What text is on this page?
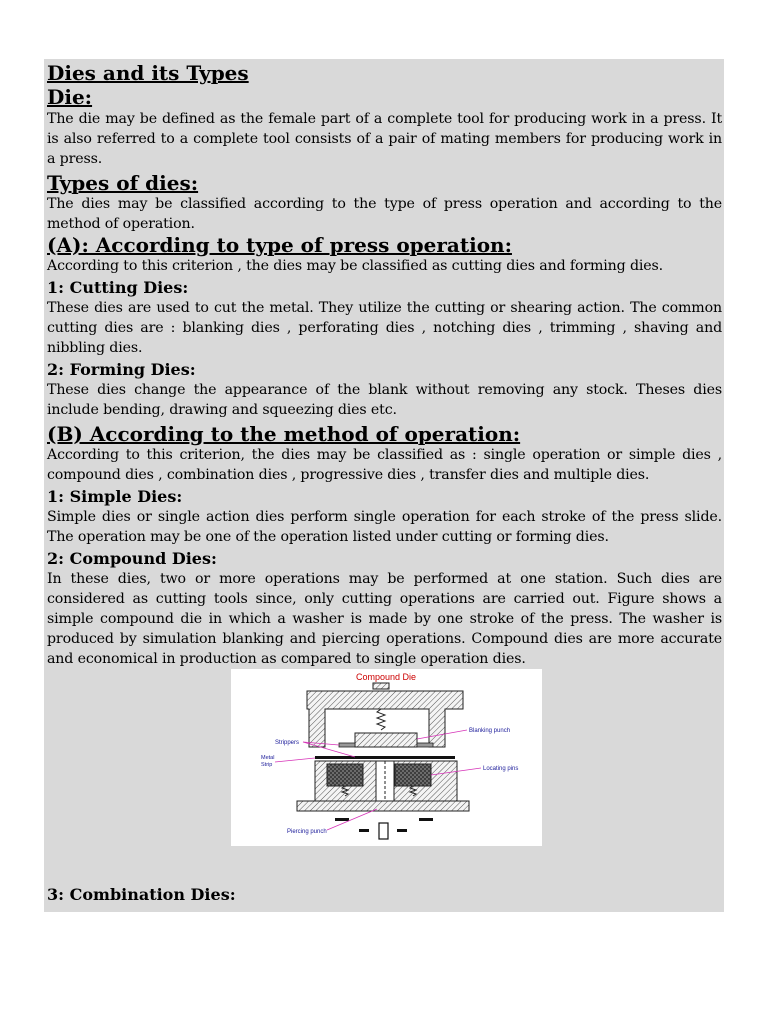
Dies and its Types
Die:

The die may be defined as the female part of a complete tool for producing work in a press. It is also referred to a complete tool consists of a pair of mating members for producing work in a press.

Types of dies:

The dies may be classified according to the type of press operation and according to the method of operation.

(A): According to type of press operation:

According to this criterion , the dies may be classified as cutting dies and forming dies.

1: Cutting Dies:

These dies are used to cut the metal. They utilize the cutting or shearing action. The common cutting dies are : blanking dies , perforating dies , notching dies , trimming , shaving and nibbling dies.

2: Forming Dies:

These dies change the appearance of the blank without removing any stock. Theses dies include bending, drawing and squeezing dies etc.

(B) According to the method of operation:

According to this criterion, the dies may be classified as : single operation or simple dies , compound dies , combination dies , progressive dies , transfer dies and multiple dies.

1: Simple Dies:

Simple dies or single action dies perform single operation for each stroke of the press slide. The operation may be one of the operation listed under cutting or forming dies.

2: Compound Dies:

In these dies, two or more operations may be performed at one station. Such dies are considered as cutting tools since, only cutting operations are carried out. Figure shows a simple compound die in which a washer is made by one stroke of the press. The washer is produced by simulation blanking and piercing operations. Compound dies are more accurate and economical in production as compared to single operation dies.

Compound Die
Strippers
Metal
Strip
Blanking punch
Locating pins
Piercing punch
3: Combination Dies:
